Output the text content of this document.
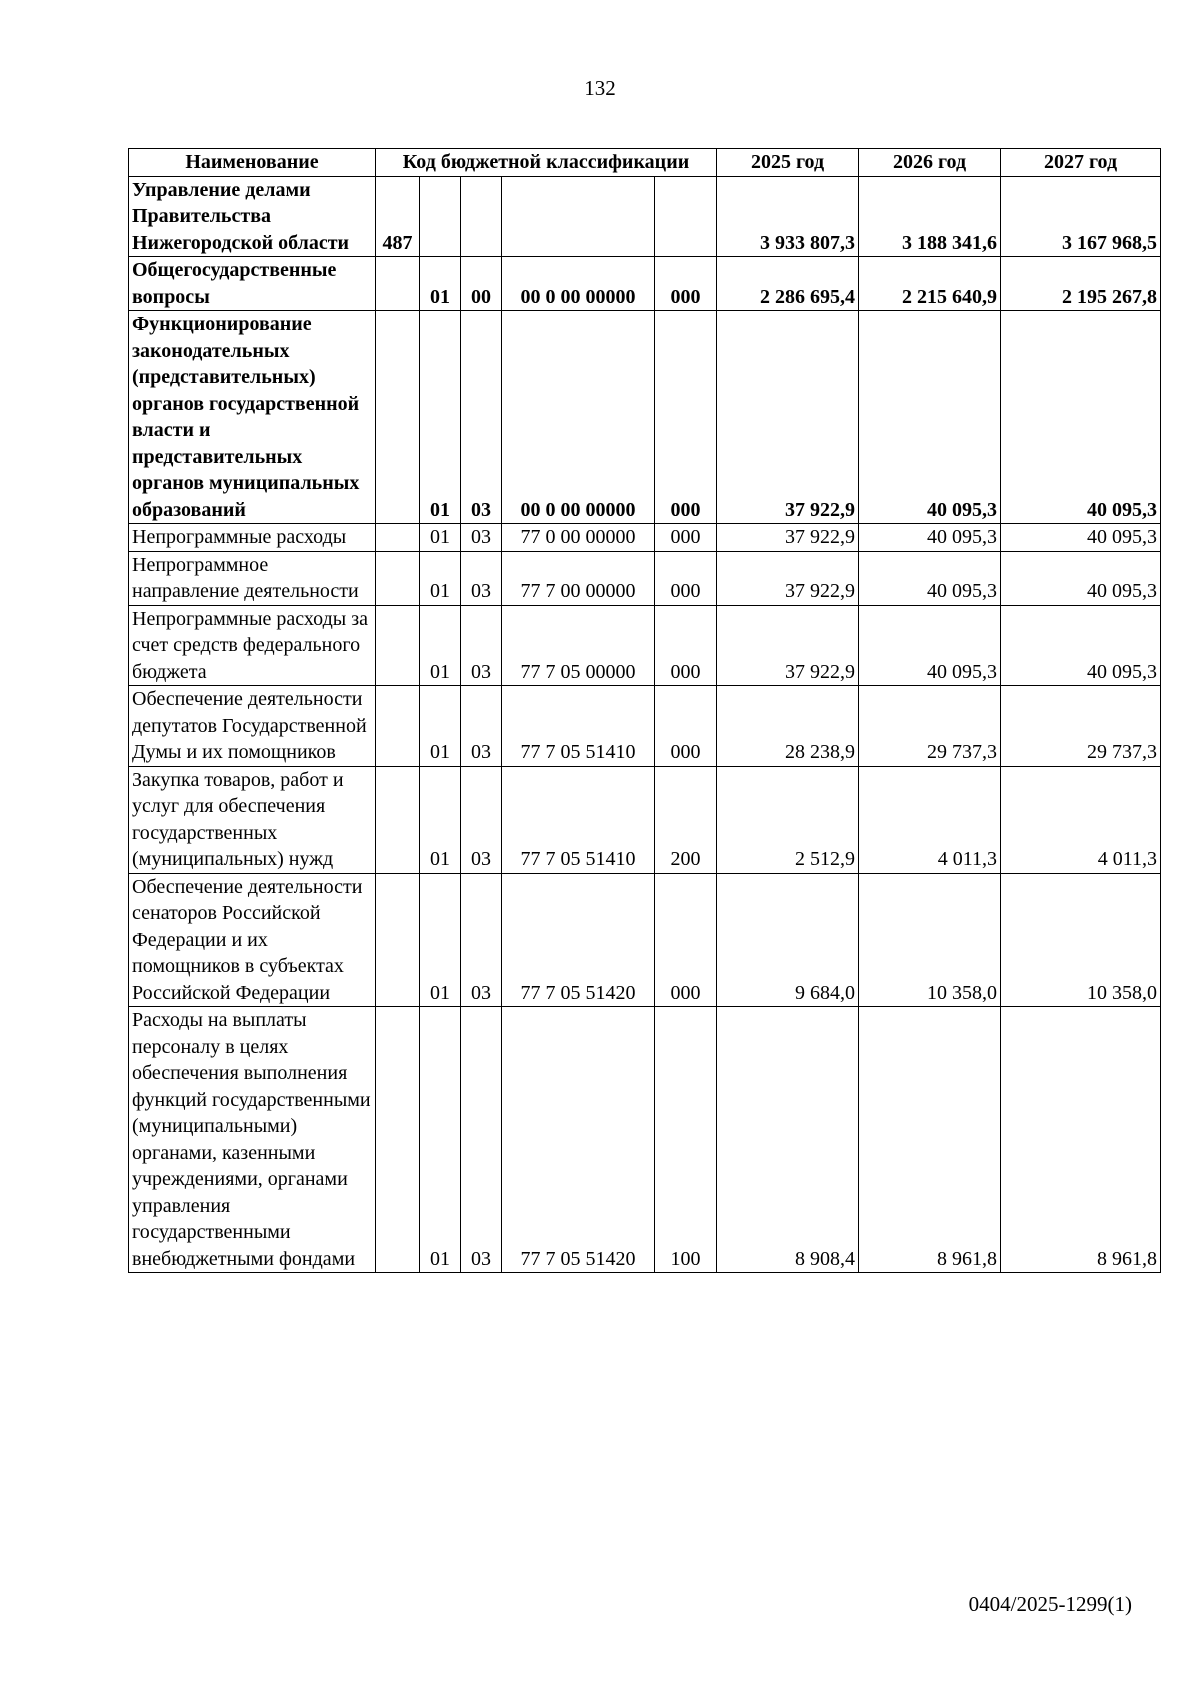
132
Наименование	Код бюджетной классификации					2025 год	2026 год	2027 год
Управление делами Правительства Нижегородской области	487					3 933 807,3	3 188 341,6	3 167 968,5
Общегосударственные вопросы		01	00	00 0 00 00000	000	2 286 695,4	2 215 640,9	2 195 267,8
Функционирование законодательных (представительных) органов государственной власти и представительных органов муниципальных образований		01	03	00 0 00 00000	000	37 922,9	40 095,3	40 095,3
Непрограммные расходы		01	03	77 0 00 00000	000	37 922,9	40 095,3	40 095,3
Непрограммное направление деятельности		01	03	77 7 00 00000	000	37 922,9	40 095,3	40 095,3
Непрограммные расходы за счет средств федерального бюджета		01	03	77 7 05 00000	000	37 922,9	40 095,3	40 095,3
Обеспечение деятельности депутатов Государственной Думы и их помощников		01	03	77 7 05 51410	000	28 238,9	29 737,3	29 737,3
Закупка товаров, работ и услуг для обеспечения государственных (муниципальных) нужд		01	03	77 7 05 51410	200	2 512,9	4 011,3	4 011,3
Обеспечение деятельности сенаторов Российской Федерации и их помощников в субъектах Российской Федерации		01	03	77 7 05 51420	000	9 684,0	10 358,0	10 358,0
Расходы на выплаты персоналу в целях обеспечения выполнения функций государственными (муниципальными) органами, казенными учреждениями, органами управления государственными внебюджетными фондами		01	03	77 7 05 51420	100	8 908,4	8 961,8	8 961,8
0404/2025-1299(1)
